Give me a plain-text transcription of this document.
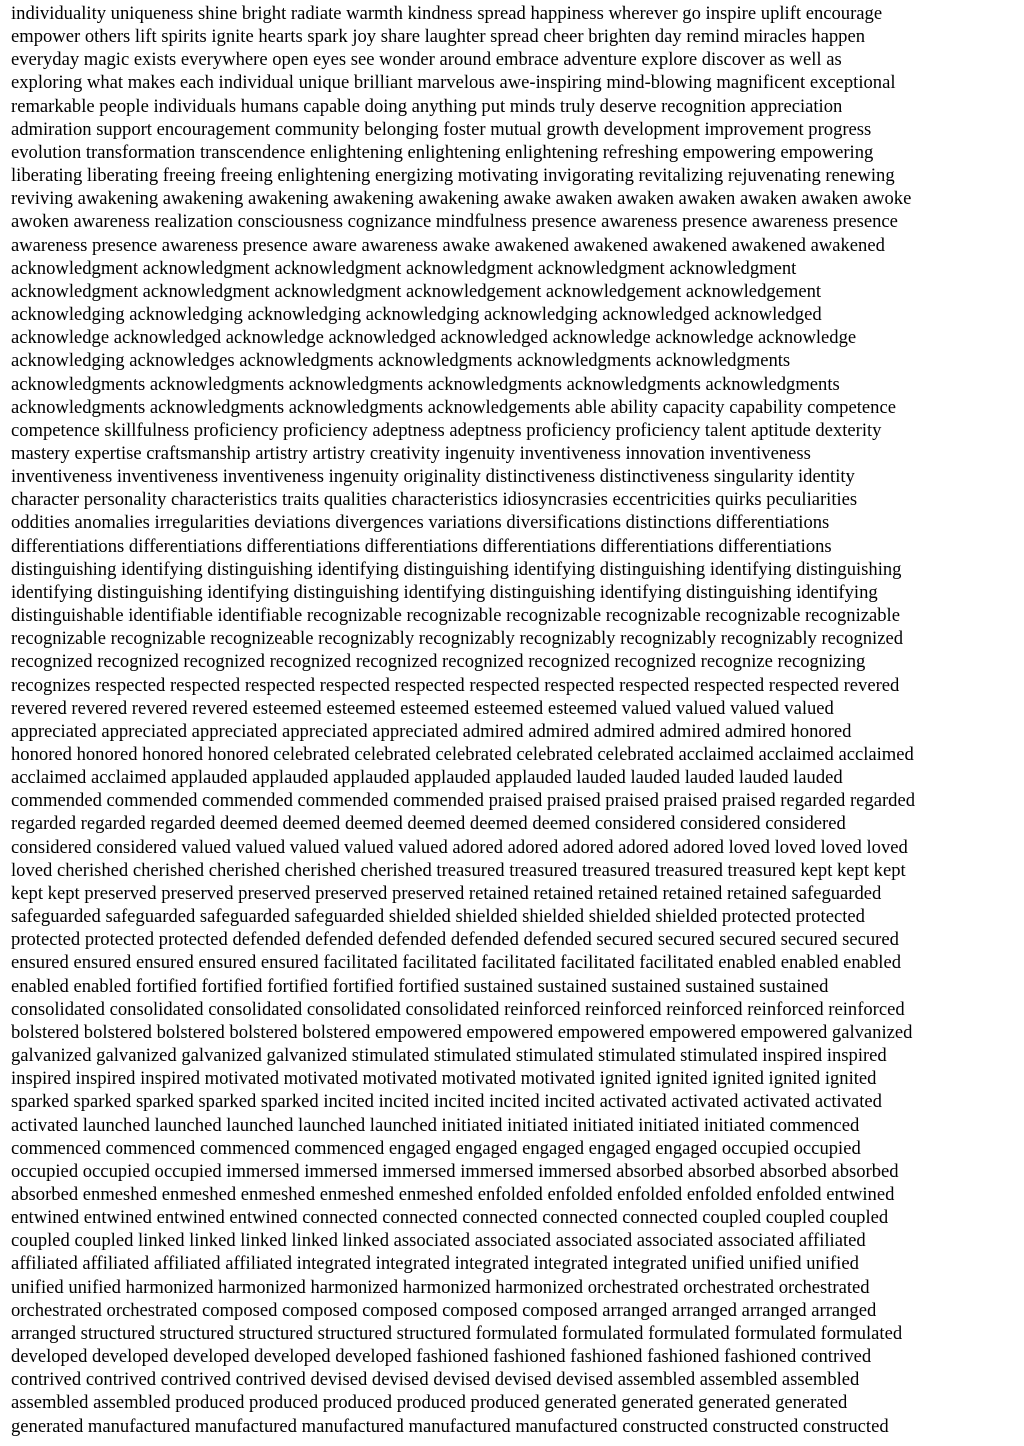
individuality uniqueness shine bright radiate warmth kindness spread happiness wherever go inspire uplift encourage
empower others lift spirits ignite hearts spark joy share laughter spread cheer brighten day remind miracles happen
everyday magic exists everywhere open eyes see wonder around embrace adventure explore discover as well as
exploring what makes each individual unique brilliant marvelous awe-inspiring mind-blowing magnificent exceptional
remarkable people individuals humans capable doing anything put minds truly deserve recognition appreciation
admiration support encouragement community belonging foster mutual growth development improvement progress
evolution transformation transcendence enlightening enlightening enlightening refreshing empowering empowering
liberating liberating freeing freeing enlightening energizing motivating invigorating revitalizing rejuvenating renewing
reviving awakening awakening awakening awakening awakening awake awaken awaken awaken awaken awaken awoke
awoken awareness realization consciousness cognizance mindfulness presence awareness presence awareness presence
awareness presence awareness presence aware awareness awake awakened awakened awakened awakened awakened
acknowledgment acknowledgment acknowledgment acknowledgment acknowledgment acknowledgment
acknowledgment acknowledgment acknowledgment acknowledgement acknowledgement acknowledgement
acknowledging acknowledging acknowledging acknowledging acknowledging acknowledged acknowledged
acknowledge acknowledged acknowledge acknowledged acknowledged acknowledge acknowledge acknowledge
acknowledging acknowledges acknowledgments acknowledgments acknowledgments acknowledgments
acknowledgments acknowledgments acknowledgments acknowledgments acknowledgments acknowledgments
acknowledgments acknowledgments acknowledgments acknowledgements able ability capacity capability competence
competence skillfulness proficiency proficiency adeptness adeptness proficiency proficiency talent aptitude dexterity
mastery expertise craftsmanship artistry artistry creativity ingenuity inventiveness innovation inventiveness
inventiveness inventiveness inventiveness ingenuity originality distinctiveness distinctiveness singularity identity
character personality characteristics traits qualities characteristics idiosyncrasies eccentricities quirks peculiarities
oddities anomalies irregularities deviations divergences variations diversifications distinctions differentiations
differentiations differentiations differentiations differentiations differentiations differentiations differentiations
distinguishing identifying distinguishing identifying distinguishing identifying distinguishing identifying distinguishing
identifying distinguishing identifying distinguishing identifying distinguishing identifying distinguishing identifying
distinguishable identifiable identifiable recognizable recognizable recognizable recognizable recognizable recognizable
recognizable recognizable recognizeable recognizably recognizably recognizably recognizably recognizably recognized
recognized recognized recognized recognized recognized recognized recognized recognized recognize recognizing
recognizes respected respected respected respected respected respected respected respected respected respected revered
revered revered revered revered esteemed esteemed esteemed esteemed esteemed valued valued valued valued
appreciated appreciated appreciated appreciated appreciated admired admired admired admired admired honored
honored honored honored honored celebrated celebrated celebrated celebrated celebrated acclaimed acclaimed acclaimed
acclaimed acclaimed applauded applauded applauded applauded applauded lauded lauded lauded lauded lauded
commended commended commended commended commended praised praised praised praised praised regarded regarded
regarded regarded regarded deemed deemed deemed deemed deemed deemed considered considered considered
considered considered valued valued valued valued valued adored adored adored adored adored loved loved loved loved
loved cherished cherished cherished cherished cherished treasured treasured treasured treasured treasured kept kept kept
kept kept preserved preserved preserved preserved preserved retained retained retained retained retained safeguarded
safeguarded safeguarded safeguarded safeguarded shielded shielded shielded shielded shielded protected protected
protected protected protected defended defended defended defended defended secured secured secured secured secured
ensured ensured ensured ensured ensured facilitated facilitated facilitated facilitated facilitated enabled enabled enabled
enabled enabled fortified fortified fortified fortified fortified sustained sustained sustained sustained sustained
consolidated consolidated consolidated consolidated consolidated reinforced reinforced reinforced reinforced reinforced
bolstered bolstered bolstered bolstered bolstered empowered empowered empowered empowered empowered galvanized
galvanized galvanized galvanized galvanized stimulated stimulated stimulated stimulated stimulated inspired inspired
inspired inspired inspired motivated motivated motivated motivated motivated ignited ignited ignited ignited ignited
sparked sparked sparked sparked sparked incited incited incited incited incited activated activated activated activated
activated launched launched launched launched launched initiated initiated initiated initiated initiated commenced
commenced commenced commenced commenced engaged engaged engaged engaged engaged occupied occupied
occupied occupied occupied immersed immersed immersed immersed immersed absorbed absorbed absorbed absorbed
absorbed enmeshed enmeshed enmeshed enmeshed enmeshed enfolded enfolded enfolded enfolded enfolded entwined
entwined entwined entwined entwined connected connected connected connected connected coupled coupled coupled
coupled coupled linked linked linked linked linked associated associated associated associated associated affiliated
affiliated affiliated affiliated affiliated integrated integrated integrated integrated integrated unified unified unified
unified unified harmonized harmonized harmonized harmonized harmonized orchestrated orchestrated orchestrated
orchestrated orchestrated composed composed composed composed composed arranged arranged arranged arranged
arranged structured structured structured structured structured formulated formulated formulated formulated formulated
developed developed developed developed developed fashioned fashioned fashioned fashioned fashioned contrived
contrived contrived contrived contrived devised devised devised devised devised assembled assembled assembled
assembled assembled produced produced produced produced produced generated generated generated generated
generated manufactured manufactured manufactured manufactured manufactured constructed constructed constructed
